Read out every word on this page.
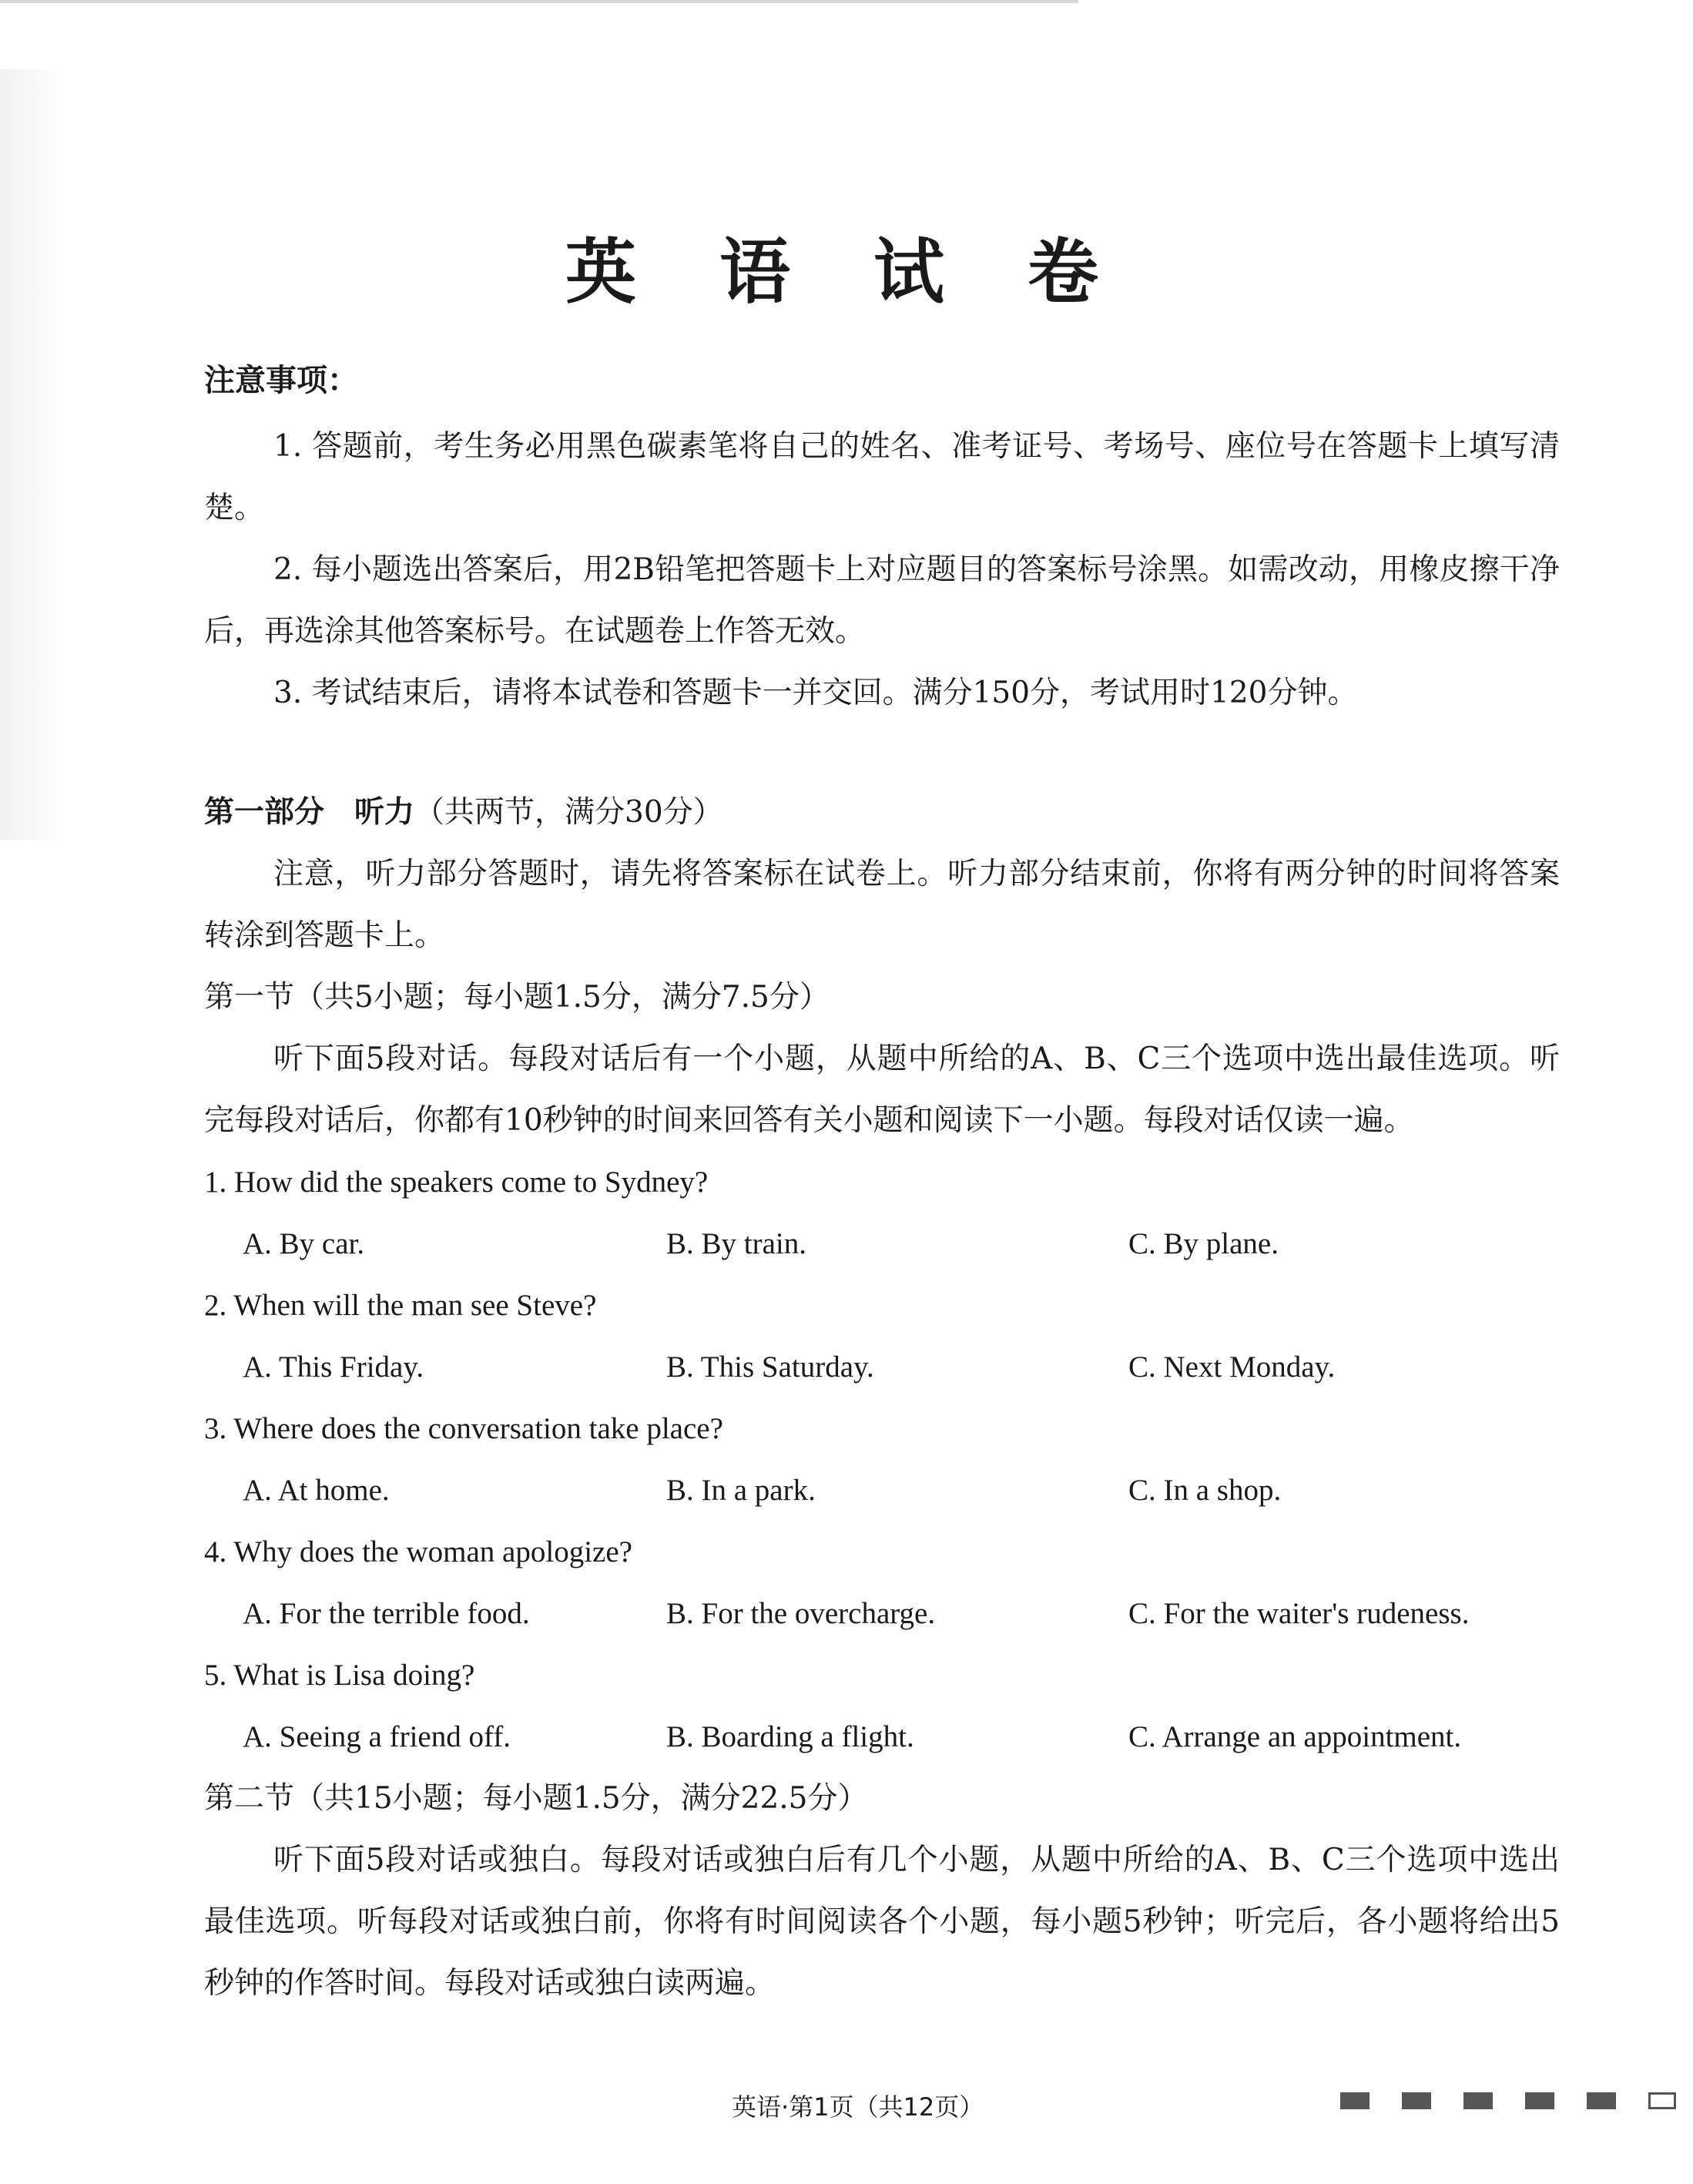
英 语 试 卷
注意事项：
1. 答题前，考生务必用黑色碳素笔将自己的姓名、准考证号、考场号、座位号在答题卡上填写清楚。
2. 每小题选出答案后，用2B铅笔把答题卡上对应题目的答案标号涂黑。如需改动，用橡皮擦干净后，再选涂其他答案标号。在试题卷上作答无效。
3. 考试结束后，请将本试卷和答题卡一并交回。满分150分，考试用时120分钟。
第一部分　听力（共两节，满分30分）
注意，听力部分答题时，请先将答案标在试卷上。听力部分结束前，你将有两分钟的时间将答案转涂到答题卡上。
第一节（共5小题；每小题1.5分，满分7.5分）
听下面5段对话。每段对话后有一个小题，从题中所给的A、B、C三个选项中选出最佳选项。听完每段对话后，你都有10秒钟的时间来回答有关小题和阅读下一小题。每段对话仅读一遍。
1. How did the speakers come to Sydney?
A. By car.	B. By train.	C. By plane.
2. When will the man see Steve?
A. This Friday.	B. This Saturday.	C. Next Monday.
3. Where does the conversation take place?
A. At home.	B. In a park.	C. In a shop.
4. Why does the woman apologize?
A. For the terrible food.	B. For the overcharge.	C. For the waiter's rudeness.
5. What is Lisa doing?
A. Seeing a friend off.	B. Boarding a flight.	C. Arrange an appointment.
第二节（共15小题；每小题1.5分，满分22.5分）
听下面5段对话或独白。每段对话或独白后有几个小题，从题中所给的A、B、C三个选项中选出最佳选项。听每段对话或独白前，你将有时间阅读各个小题，每小题5秒钟；听完后，各小题将给出5秒钟的作答时间。每段对话或独白读两遍。
英语·第1页（共12页）
